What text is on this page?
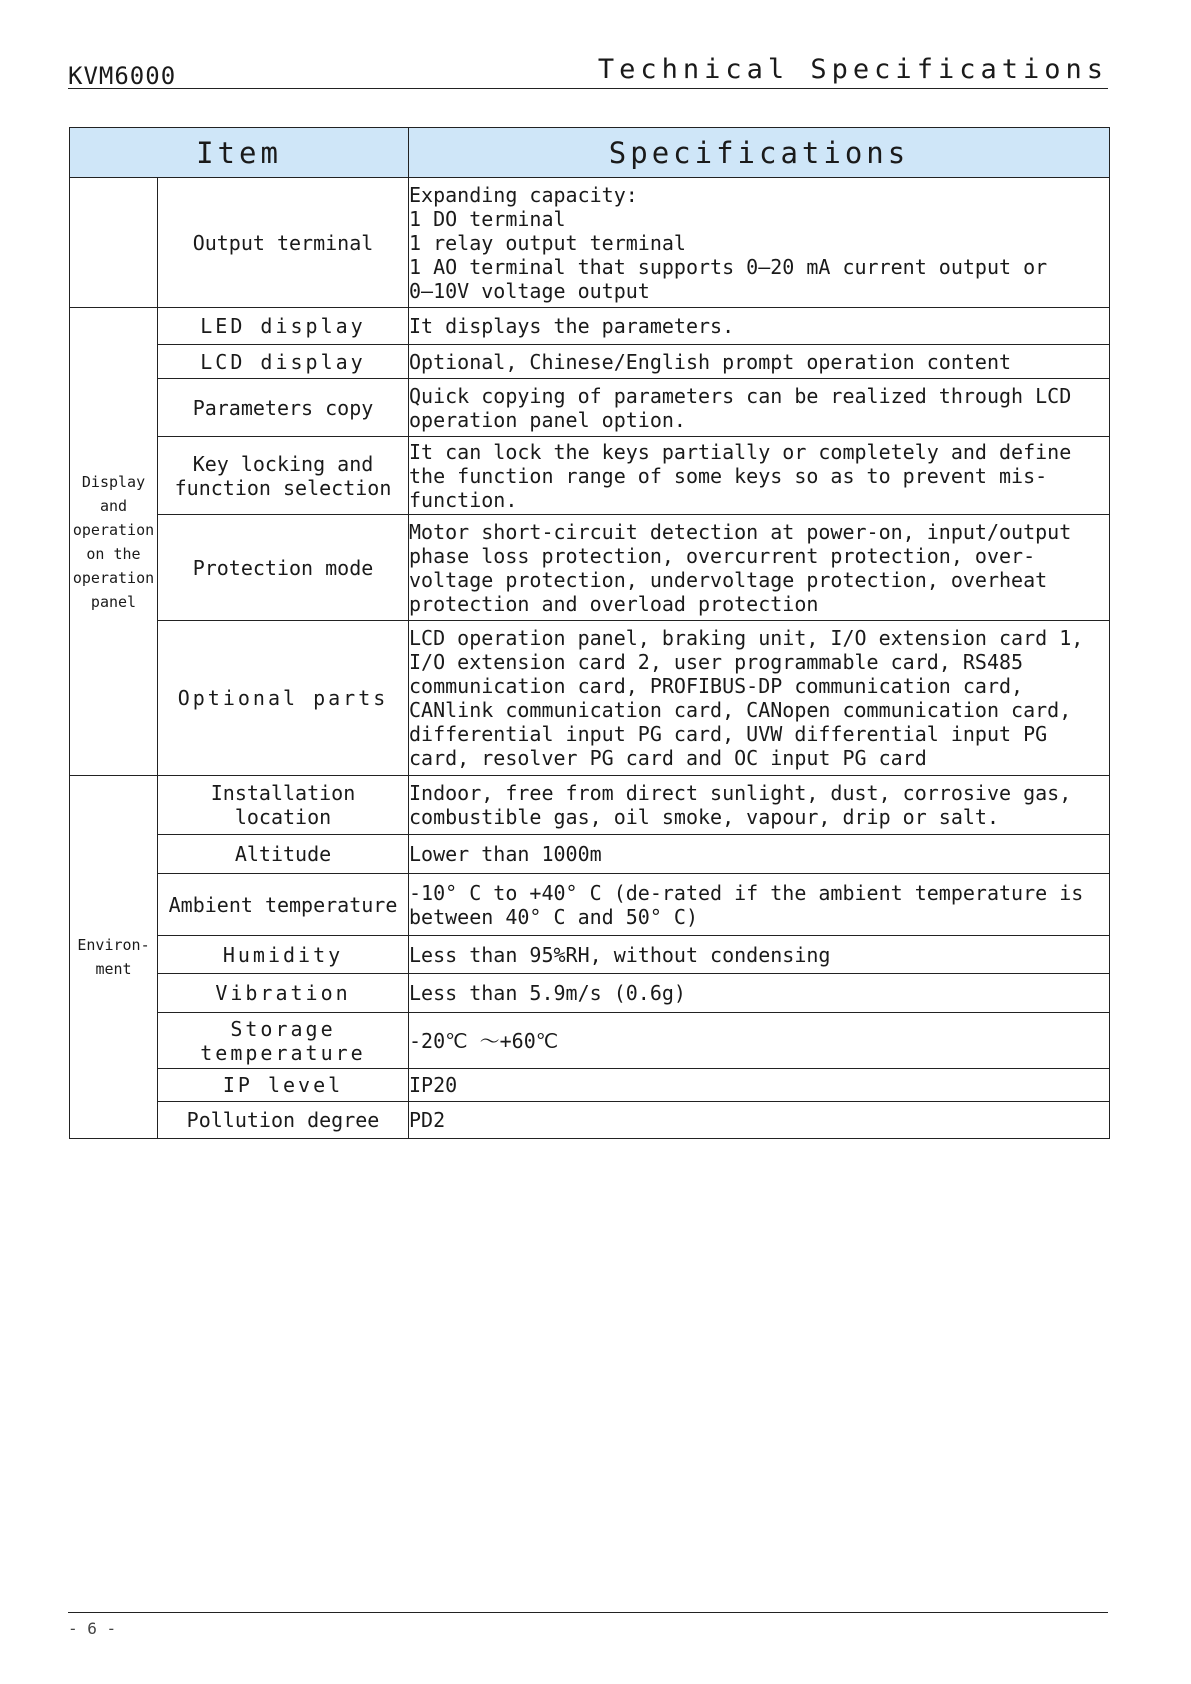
KVM6000	Technical Specifications
Item		Specifications
	Output terminal	Expanding capacity:
1 DO terminal
1 relay output terminal
1 AO terminal that supports 0–20 mA current output or
0–10V voltage output

Display and operation on the operation panel	LED display	It displays the parameters.
	LCD display	Optional, Chinese/English prompt operation content
	Parameters copy	Quick copying of parameters can be realized through LCD operation panel option.
	Key locking and function selection	It can lock the keys partially or completely and define the function range of some keys so as to prevent mis-function.
	Protection mode	Motor short-circuit detection at power-on, input/output phase loss protection, overcurrent protection, over-voltage protection, undervoltage protection, overheat protection and overload protection
	Optional parts	LCD operation panel, braking unit, I/O extension card 1, I/O extension card 2, user programmable card, RS485 communication card, PROFIBUS-DP communication card, CANlink communication card, CANopen communication card, differential input PG card, UVW differential input PG card, resolver PG card and OC input PG card
Environ-ment	Installation location	Indoor, free from direct sunlight, dust, corrosive gas, combustible gas, oil smoke, vapour, drip or salt.
	Altitude	Lower than 1000m
	Ambient temperature	-10° C to +40° C (de-rated if the ambient temperature is between 40° C and 50° C)
	Humidity	Less than 95%RH, without condensing
	Vibration	Less than 5.9m/s (0.6g)
	Storage temperature	-20℃ ～+60℃
	IP level	IP20
	Pollution degree	PD2
- 6 -
